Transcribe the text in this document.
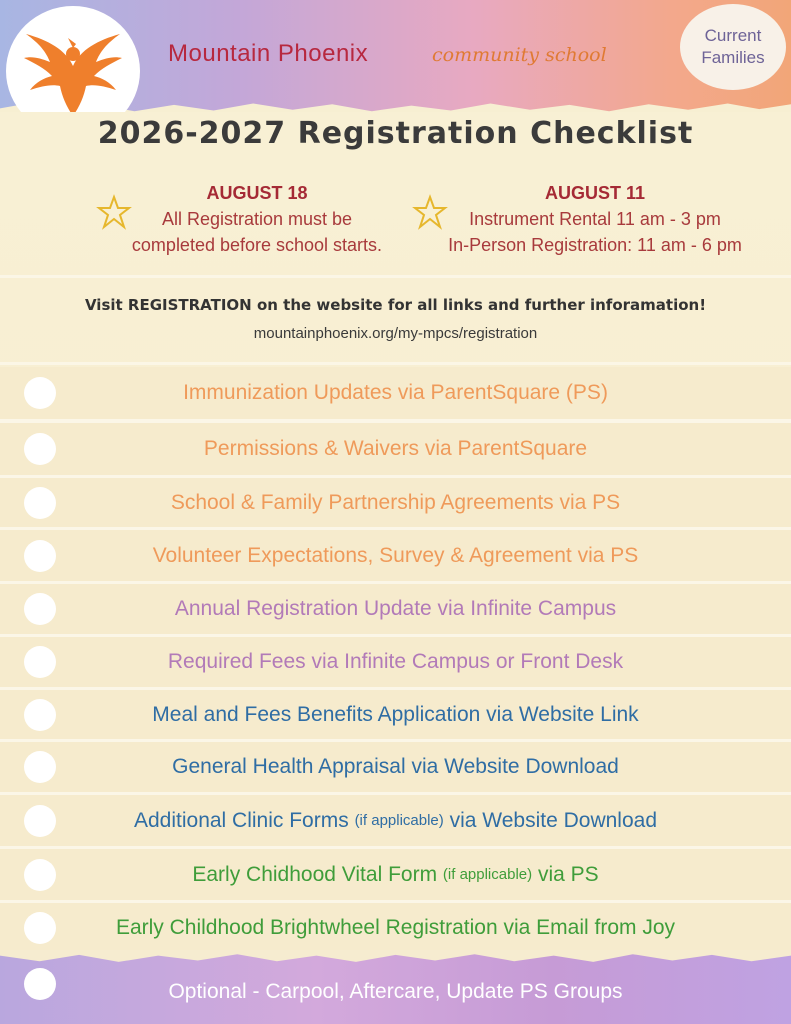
Mountain Phoenix	community school
Current
Families
2026-2027 Registration Checklist
AUGUST 18
All Registration must be
completed before school starts.
AUGUST 11
Instrument Rental 11 am - 3 pm
In-Person Registration: 11 am - 6 pm
Visit REGISTRATION on the website for all links and further inforamation!
mountainphoenix.org/my-mpcs/registration
Immunization Updates via ParentSquare (PS)
Permissions & Waivers via ParentSquare
School & Family Partnership Agreements via PS
Volunteer Expectations, Survey & Agreement via PS
Annual Registration Update via Infinite Campus
Required Fees via Infinite Campus or Front Desk
Meal and Fees Benefits Application via Website Link
General Health Appraisal via Website Download
Additional Clinic Forms (if applicable) via Website Download
Early Chidhood Vital Form (if applicable) via PS
Early Childhood Brightwheel Registration via Email from Joy
Optional - Carpool, Aftercare, Update PS Groups
